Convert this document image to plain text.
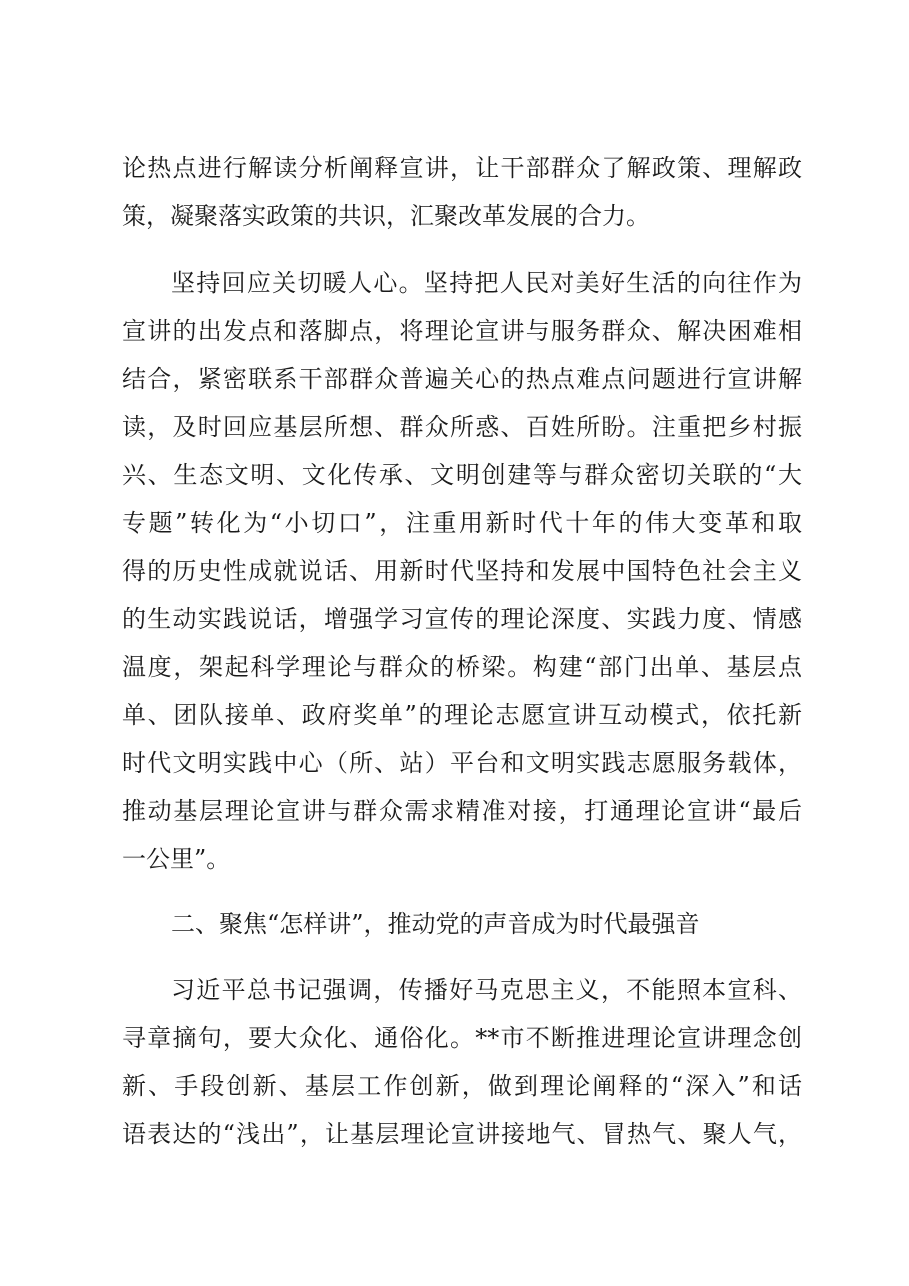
论热点进行解读分析阐释宣讲，让干部群众了解政策、理解政
策，凝聚落实政策的共识，汇聚改革发展的合力。
坚持回应关切暖人心。坚持把人民对美好生活的向往作为
宣讲的出发点和落脚点，将理论宣讲与服务群众、解决困难相
结合，紧密联系干部群众普遍关心的热点难点问题进行宣讲解
读，及时回应基层所想、群众所惑、百姓所盼。注重把乡村振
兴、生态文明、文化传承、文明创建等与群众密切关联的“大
专题”转化为“小切口”，注重用新时代十年的伟大变革和取
得的历史性成就说话、用新时代坚持和发展中国特色社会主义
的生动实践说话，增强学习宣传的理论深度、实践力度、情感
温度，架起科学理论与群众的桥梁。构建“部门出单、基层点
单、团队接单、政府奖单”的理论志愿宣讲互动模式，依托新
时代文明实践中心（所、站）平台和文明实践志愿服务载体，
推动基层理论宣讲与群众需求精准对接，打通理论宣讲“最后
一公里”。
二、聚焦“怎样讲”，推动党的声音成为时代最强音
习近平总书记强调，传播好马克思主义，不能照本宣科、
寻章摘句，要大众化、通俗化。**市不断推进理论宣讲理念创
新、手段创新、基层工作创新，做到理论阐释的“深入”和话
语表达的“浅出”，让基层理论宣讲接地气、冒热气、聚人气，
